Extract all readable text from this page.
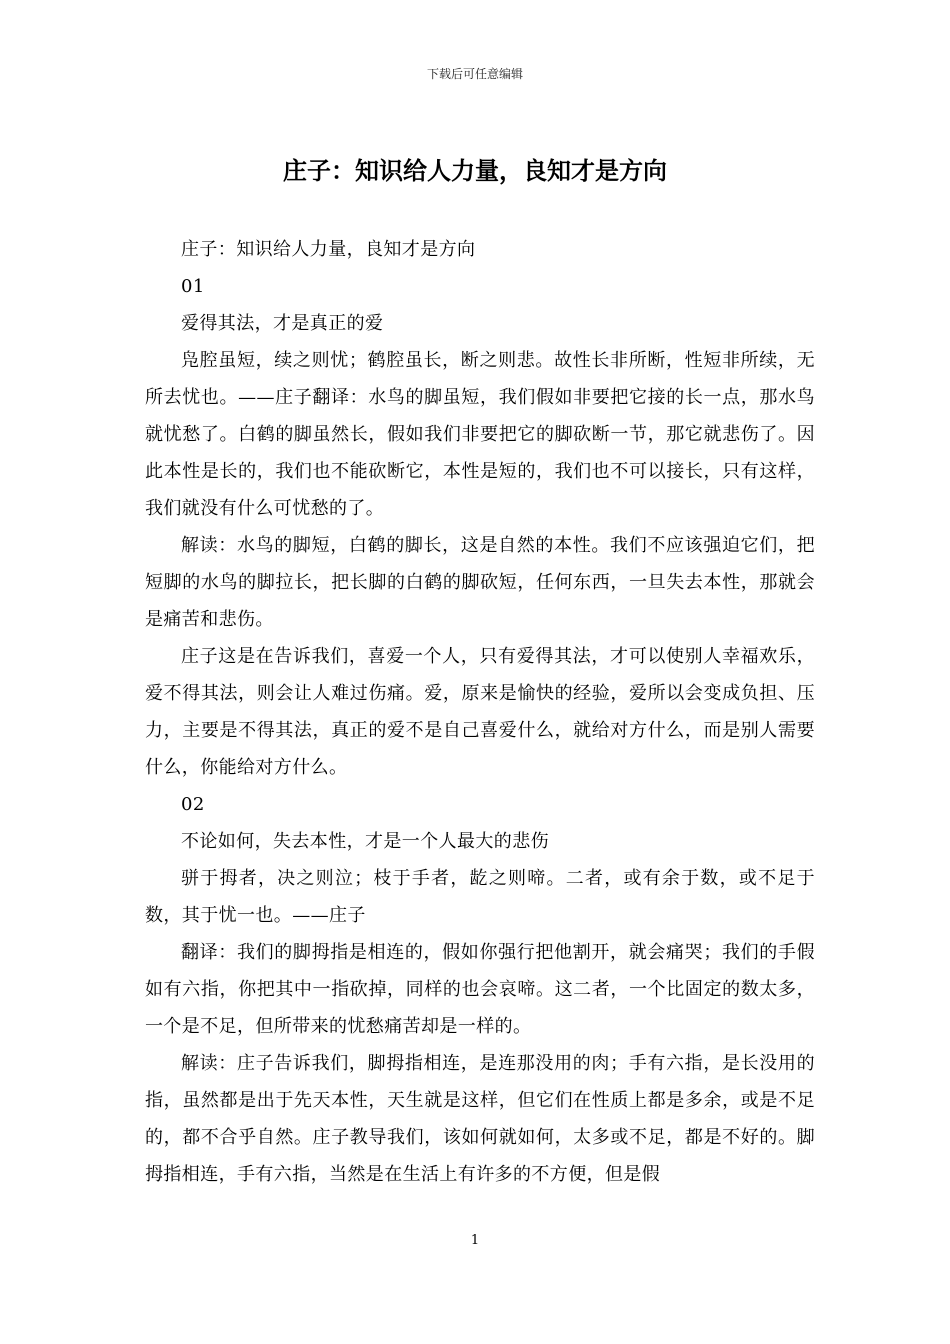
下载后可任意编辑
庄子：知识给人力量，良知才是方向

庄子：知识给人力量，良知才是方向

01

爱得其法，才是真正的爱

凫腔虽短，续之则忧；鹤腔虽长，断之则悲。故性长非所断，性短非所续，无所去忧也。——庄子翻译：水鸟的脚虽短，我们假如非要把它接的长一点，那水鸟就忧愁了。白鹤的脚虽然长，假如我们非要把它的脚砍断一节，那它就悲伤了。因此本性是长的，我们也不能砍断它，本性是短的，我们也不可以接长，只有这样，我们就没有什么可忧愁的了。

解读：水鸟的脚短，白鹤的脚长，这是自然的本性。我们不应该强迫它们，把短脚的水鸟的脚拉长，把长脚的白鹤的脚砍短，任何东西，一旦失去本性，那就会是痛苦和悲伤。

庄子这是在告诉我们，喜爱一个人，只有爱得其法，才可以使别人幸福欢乐，爱不得其法，则会让人难过伤痛。爱，原来是愉快的经验，爱所以会变成负担、压力，主要是不得其法，真正的爱不是自己喜爱什么，就给对方什么，而是别人需要什么，你能给对方什么。

02

不论如何，失去本性，才是一个人最大的悲伤

骈于拇者，决之则泣；枝于手者，龁之则啼。二者，或有余于数，或不足于数，其于忧一也。——庄子

翻译：我们的脚拇指是相连的，假如你强行把他割开，就会痛哭；我们的手假如有六指，你把其中一指砍掉，同样的也会哀啼。这二者，一个比固定的数太多，一个是不足，但所带来的忧愁痛苦却是一样的。

解读：庄子告诉我们，脚拇指相连，是连那没用的肉；手有六指，是长没用的指，虽然都是出于先天本性，天生就是这样，但它们在性质上都是多余，或是不足的，都不合乎自然。庄子教导我们，该如何就如何，太多或不足，都是不好的。脚拇指相连，手有六指，当然是在生活上有许多的不方便，但是假

1
